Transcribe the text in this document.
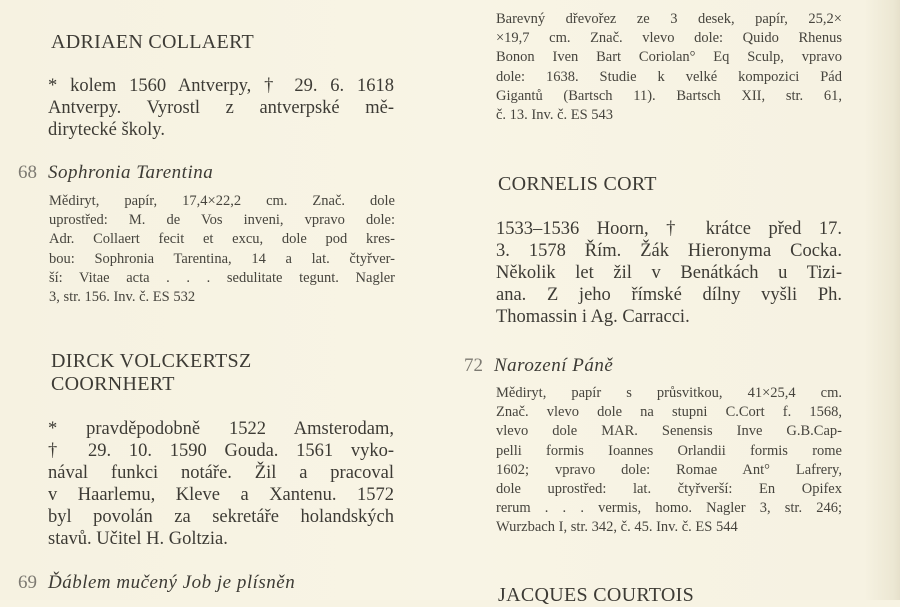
ADRIAEN COLLAERT
* kolem 1560 Antverpy, † 29. 6. 1618
Antverpy. Vyrostl z antverpské mě-
dirytecké školy.
68 Sophronia Tarentina
Mědiryt, papír, 17,4×22,2 cm. Znač. dole
uprostřed: M. de Vos inveni, vpravo dole:
Adr. Collaert fecit et excu, dole pod kres-
bou: Sophronia Tarentina, 14 a lat. čtyřver-
ší: Vitae acta . . . sedulitate tegunt. Nagler
3, str. 156. Inv. č. ES 532
DIRCK VOLCKERTSZ
COORNHERT
* pravděpodobně 1522 Amsterodam,
† 29. 10. 1590 Gouda. 1561 vyko-
nával funkci notáře. Žil a pracoval
v Haarlemu, Kleve a Xantenu. 1572
byl povolán za sekretáře holandských
stavů. Učitel H. Goltzia.
69 Ďáblem mučený Job je plísněn
Barevný dřevořez ze 3 desek, papír, 25,2×
×19,7 cm. Znač. vlevo dole: Quido Rhenus
Bonon Iven Bart Coriolan° Eq Sculp, vpravo
dole: 1638. Studie k velké kompozici Pád
Gigantů (Bartsch 11). Bartsch XII, str. 61,
č. 13. Inv. č. ES 543
CORNELIS CORT
1533–1536 Hoorn, † krátce před 17.
3. 1578 Řím. Žák Hieronyma Cocka.
Několik let žil v Benátkách u Tizi-
ana. Z jeho římské dílny vyšli Ph.
Thomassin i Ag. Carracci.
72 Narození Páně
Mědiryt, papír s průsvitkou, 41×25,4 cm.
Znač. vlevo dole na stupni C.Cort f. 1568,
vlevo dole MAR. Senensis Inve G.B.Cap-
pelli formis Ioannes Orlandii formis rome
1602; vpravo dole: Romae Ant° Lafrery,
dole uprostřed: lat. čtyřverší: En Opifex
rerum . . . vermis, homo. Nagler 3, str. 246;
Wurzbach I, str. 342, č. 45. Inv. č. ES 544
JACQUES COURTOIS
